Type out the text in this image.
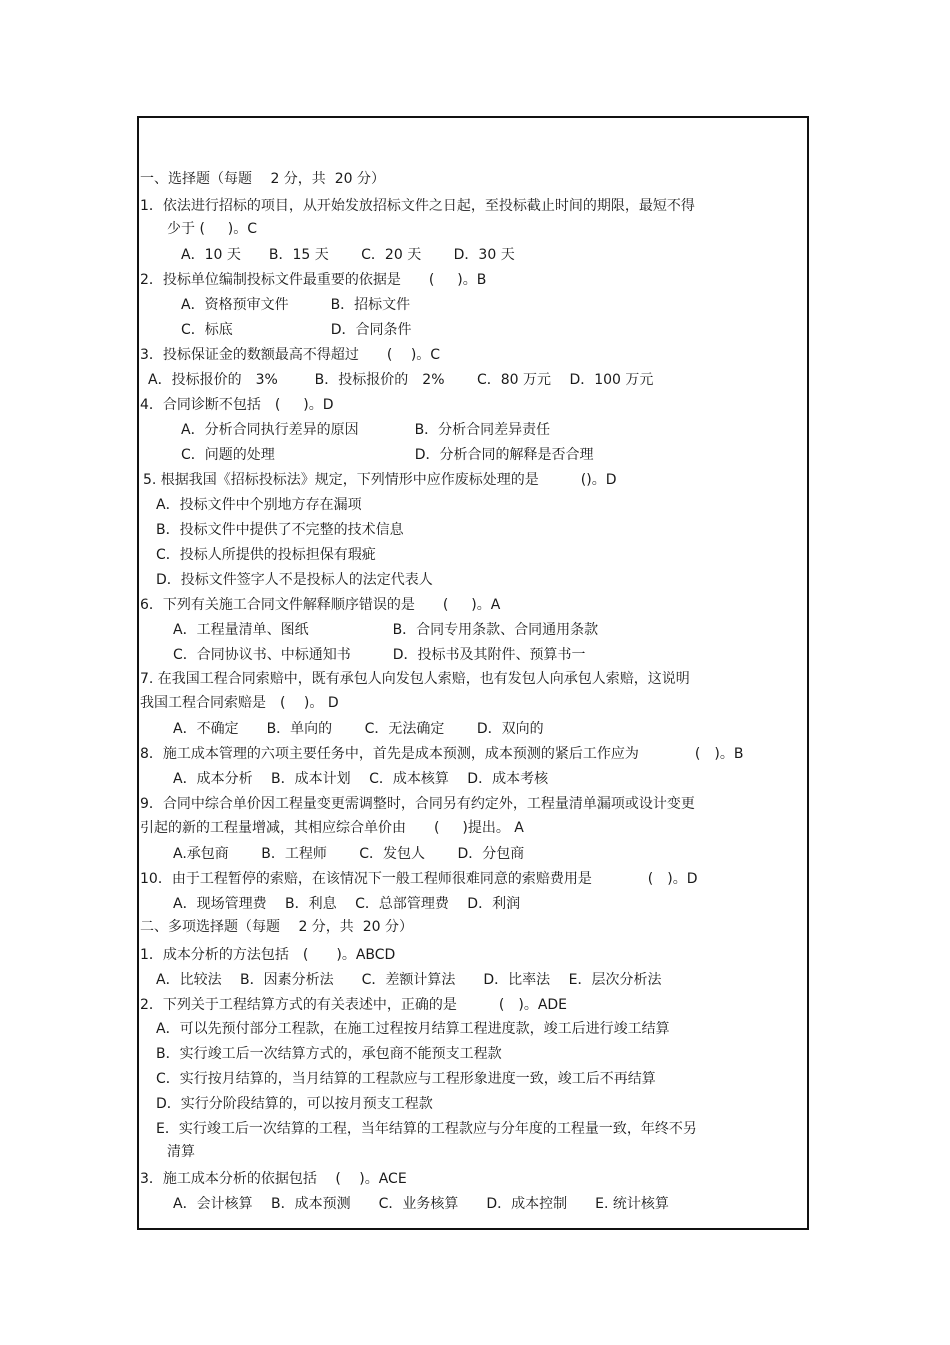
一、选择题（每题　 2 分，共  20 分）
1．依法进行招标的项目，从开始发放招标文件之日起，至投标截止时间的期限，最短不得
少于 (　  )。C
A．10 天　　B．15 天　　 C．20 天　　 D．30 天
2．投标单位编制投标文件最重要的依据是　　(　  )。B
A．资格预审文件　　　B．招标文件
C．标底　　　　　　　D．合同条件
3．投标保证金的数额最高不得超过　　(　 )。C
A．投标报价的　3%　　  B．投标报价的　2%　　 C．80 万元　 D．100 万元
4．合同诊断不包括　(　  )。D
A．分析合同执行差异的原因　　　　B．分析合同差异责任
C．问题的处理　　　　　　　　　　D．分析合同的解释是否合理
5. 根据我国《招标投标法》规定，下列情形中应作废标处理的是　　　()。D
A．投标文件中个别地方存在漏项
B．投标文件中提供了不完整的技术信息
C．投标人所提供的投标担保有瑕疵
D．投标文件签字人不是投标人的法定代表人
6．下列有关施工合同文件解释顺序错误的是　　(　  )。A
A．工程量清单、图纸　　　　　　B．合同专用条款、合同通用条款
C．合同协议书、中标通知书　　　D．投标书及其附件、预算书一
7. 在我国工程合同索赔中，既有承包人向发包人索赔，也有发包人向承包人索赔，这说明
我国工程合同索赔是　(　 )。 D
A．不确定　　B．单向的　　 C．无法确定　　 D．双向的
8．施工成本管理的六项主要任务中，首先是成本预测，成本预测的紧后工作应为　　　　(　)。B
A．成本分析　 B．成本计划　 C．成本核算　 D．成本考核
9．合同中综合单价因工程量变更需调整时，合同另有约定外，工程量清单漏项或设计变更
引起的新的工程量增减，其相应综合单价由　　(　  )提出。 A
A.承包商　　 B．工程师　　 C．发包人　　 D．分包商
10．由于工程暂停的索赔，在该情况下一般工程师很难同意的索赔费用是　　　　(　)。D
A．现场管理费　 B．利息　 C．总部管理费　 D．利润
二、多项选择题（每题　 2 分，共  20 分）
1．成本分析的方法包括　(　　)。ABCD
A．比较法　 B．因素分析法　　C．差额计算法　　D．比率法　 E．层次分析法
2．下列关于工程结算方式的有关表述中，正确的是　　　(　)。ADE
A．可以先预付部分工程款，在施工过程按月结算工程进度款，竣工后进行竣工结算
B．实行竣工后一次结算方式的，承包商不能预支工程款
C．实行按月结算的，当月结算的工程款应与工程形象进度一致，竣工后不再结算
D．实行分阶段结算的，可以按月预支工程款
E．实行竣工后一次结算的工程，当年结算的工程款应与分年度的工程量一致，年终不另
清算
3．施工成本分析的依据包括　 (　 )。ACE
A．会计核算　 B．成本预测　　C．业务核算　　D．成本控制　　E. 统计核算
